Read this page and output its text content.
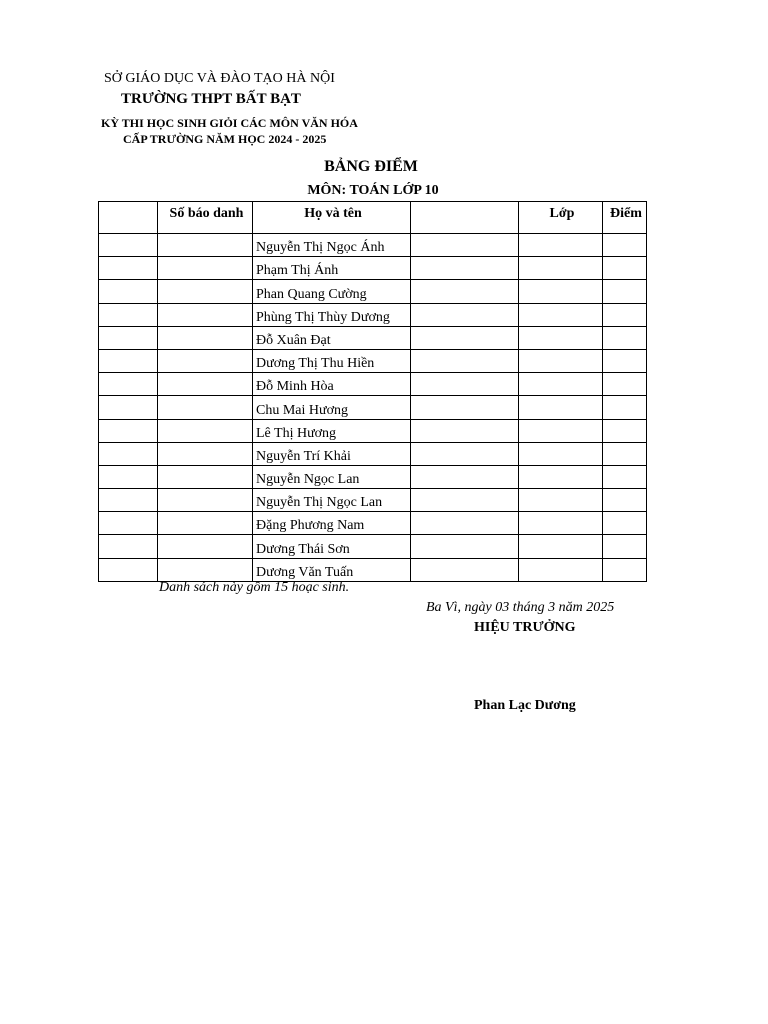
SỞ GIÁO DỤC VÀ ĐÀO TẠO HÀ NỘI
TRƯỜNG THPT BẤT BẠT
KỲ THI HỌC SINH GIỎI CÁC MÔN VĂN HÓA
CẤP TRƯỜNG NĂM HỌC 2024 - 2025
BẢNG ĐIỂM
MÔN: TOÁN LỚP 10
	Số báo danh	Họ và tên		Lớp	Điểm
		Nguyễn Thị Ngọc Ánh			
		Phạm Thị Ánh			
		Phan Quang Cường			
		Phùng Thị Thùy Dương			
		Đỗ Xuân Đạt			
		Dương Thị Thu Hiền			
		Đỗ Minh Hòa			
		Chu Mai Hương			
		Lê Thị Hương			
		Nguyễn Trí Khải			
		Nguyễn Ngọc Lan			
		Nguyễn Thị Ngọc Lan			
		Đặng Phương Nam			
		Dương Thái Sơn			
		Dương Văn Tuấn			
Danh sách này gồm 15 hoạc sinh.
Ba Vì, ngày 03 tháng 3 năm 2025
HIỆU TRƯỞNG
Phan Lạc Dương
